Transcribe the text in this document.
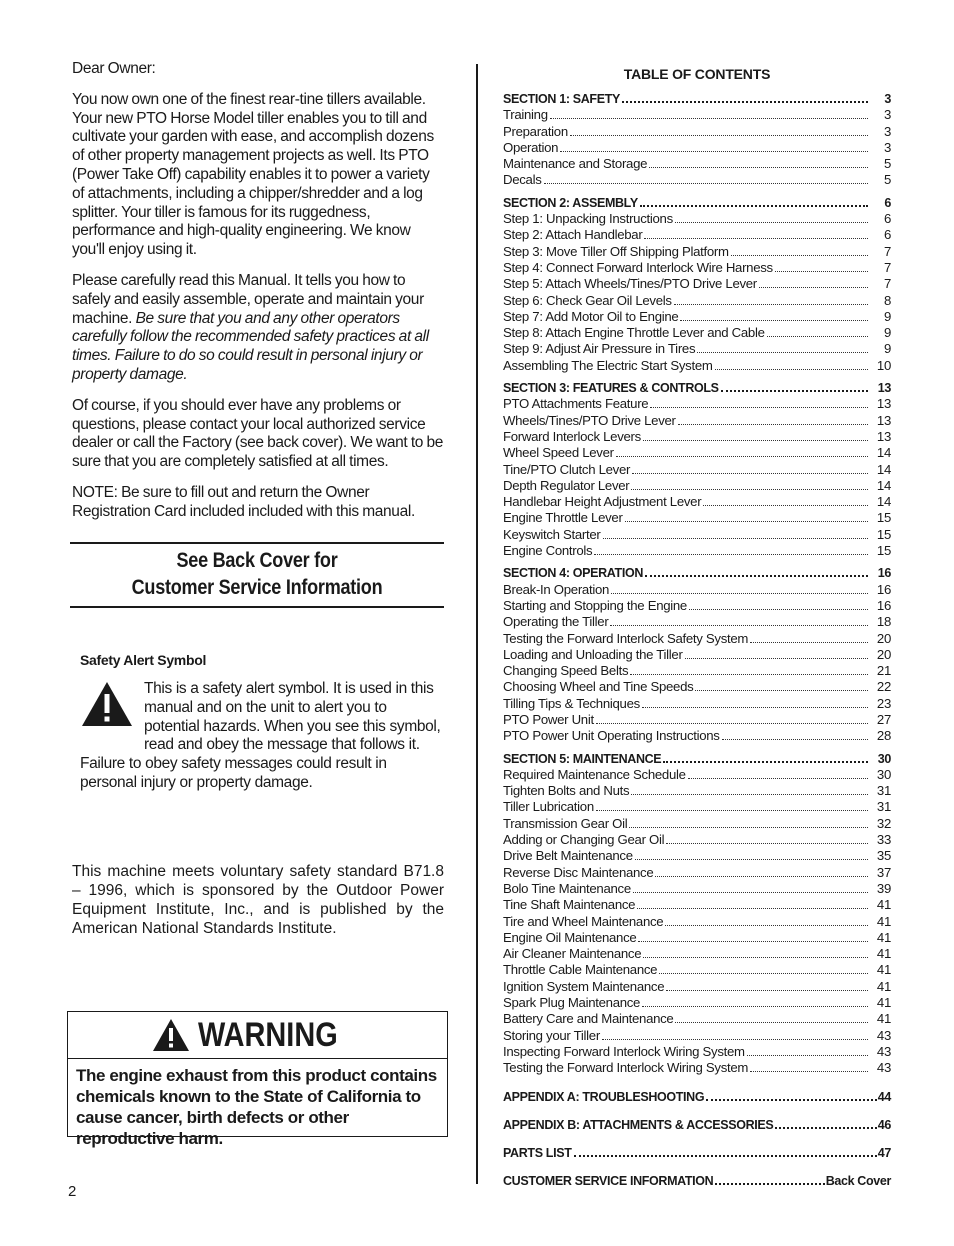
Dear Owner:

You now own one of the finest rear-tine tillers available. Your new PTO Horse Model tiller enables you to till and cultivate your garden with ease, and accomplish dozens of other property management projects as well. Its PTO (Power Take Off) capability enables it to power a variety of attachments, including a chipper/shredder and a log splitter. Your tiller is famous for its ruggedness, performance and high-quality engineering. We know you'll enjoy using it.

Please carefully read this Manual. It tells you how to safely and easily assemble, operate and maintain your machine. Be sure that you and any other operators carefully follow the recommended safety practices at all times. Failure to do so could result in personal injury or property damage.

Of course, if you should ever have any problems or questions, please contact your local authorized service dealer or call the Factory (see back cover). We want to be sure that you are completely satisfied at all times.

NOTE: Be sure to fill out and return the Owner Registration Card included included with this manual.

See Back Cover for
Customer Service Information
Safety Alert Symbol
This is a safety alert symbol. It is used in this manual and on the unit to alert you to potential hazards. When you see this symbol, read and obey the message that follows it.
Failure to obey safety messages could result in personal injury or property damage.
This machine meets voluntary safety standard B71.8 – 1996, which is sponsored by the Outdoor Power Equipment Institute, Inc., and is published by the American National Standards Institute.
WARNING
The engine exhaust from this product contains chemicals known to the State of California to cause cancer, birth defects or other reproductive harm.
2
TABLE OF CONTENTS
SECTION 1: SAFETY	3
Training	3
Preparation	3
Operation	3
Maintenance and Storage	5
Decals	5
SECTION 2: ASSEMBLY	6
Step 1: Unpacking Instructions	6
Step 2: Attach Handlebar	6
Step 3: Move Tiller Off Shipping Platform	7
Step 4: Connect Forward Interlock Wire Harness	7
Step 5: Attach Wheels/Tines/PTO Drive Lever	7
Step 6: Check Gear Oil Levels	8
Step 7: Add Motor Oil to Engine	9
Step 8: Attach Engine Throttle Lever and Cable	9
Step 9: Adjust Air Pressure in Tires	9
Assembling The Electric Start System	10
SECTION 3: FEATURES & CONTROLS	13
PTO Attachments Feature	13
Wheels/Tines/PTO Drive Lever	13
Forward Interlock Levers	13
Wheel Speed Lever	14
Tine/PTO Clutch Lever	14
Depth Regulator Lever	14
Handlebar Height Adjustment Lever	14
Engine Throttle Lever	15
Keyswitch Starter	15
Engine Controls	15
SECTION 4: OPERATION	16
Break-In Operation	16
Starting and Stopping the Engine	16
Operating the Tiller	18
Testing the Forward Interlock Safety System	20
Loading and Unloading the Tiller	20
Changing Speed Belts	21
Choosing Wheel and Tine Speeds	22
Tilling Tips & Techniques	23
PTO Power Unit	27
PTO Power Unit Operating Instructions	28
SECTION 5: MAINTENANCE	30
Required Maintenance Schedule	30
Tighten Bolts and Nuts	31
Tiller Lubrication	31
Transmission Gear Oil	32
Adding or Changing Gear Oil	33
Drive Belt Maintenance	35
Reverse Disc Maintenance	37
Bolo Tine Maintenance	39
Tine Shaft Maintenance	41
Tire and Wheel Maintenance	41
Engine Oil Maintenance	41
Air Cleaner Maintenance	41
Throttle Cable Maintenance	41
Ignition System Maintenance	41
Spark Plug Maintenance	41
Battery Care and Maintenance	41
Storing your Tiller	43
Inspecting Forward Interlock Wiring System	43
Testing the Forward Interlock Wiring System	43
APPENDIX A: TROUBLESHOOTING	44
APPENDIX B: ATTACHMENTS & ACCESSORIES	46
PARTS LIST	47
CUSTOMER SERVICE INFORMATION	Back Cover
